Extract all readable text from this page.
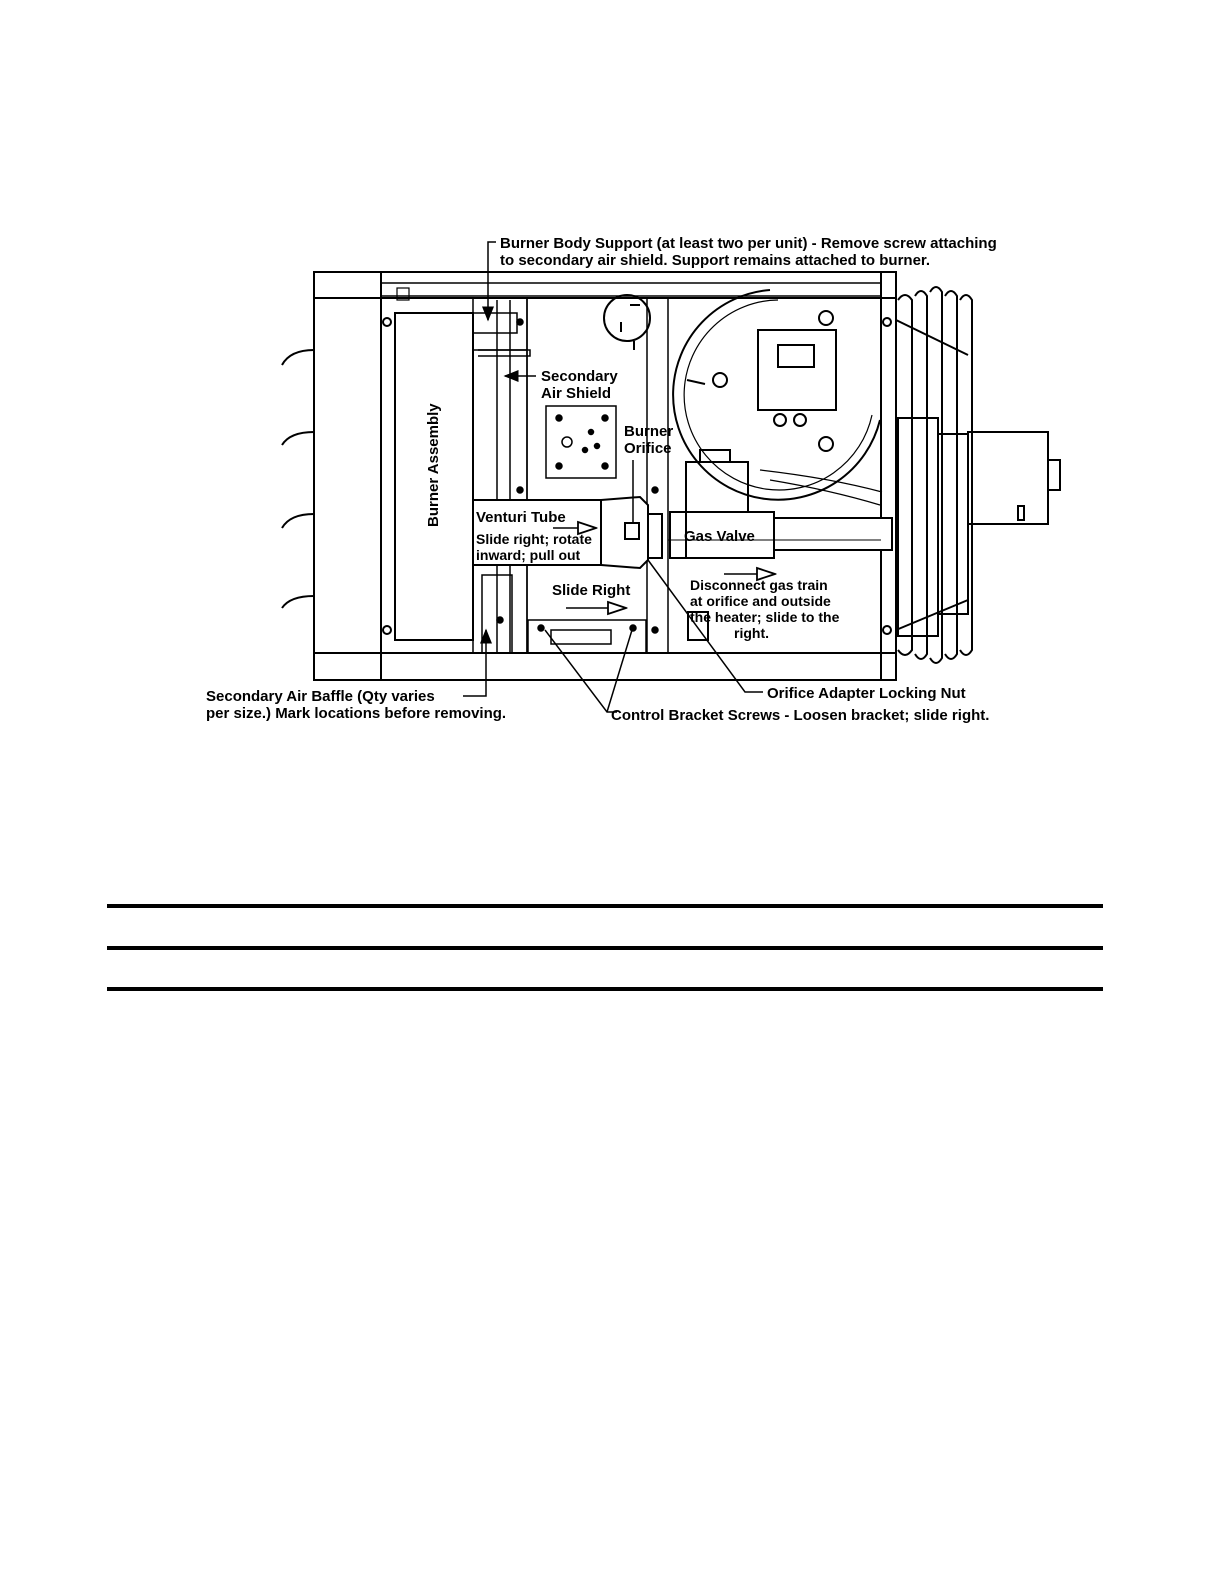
Burner Assembly Venturi Tube
Slide right; rotate
inward; pull out
Gas Valve
Burner Body Support (at least two per unit) - Remove screw attaching
to secondary air shield. Support remains attached to burner.
Secondary
Air Shield
Burner
Orifice
Slide Right	Disconnect gas train
at orifice and outside
the heater; slide to the
right.
Secondary Air Baffle (Qty varies
per size.) Mark locations before removing.
Orifice Adapter Locking Nut
Control Bracket Screws - Loosen bracket; slide right.
